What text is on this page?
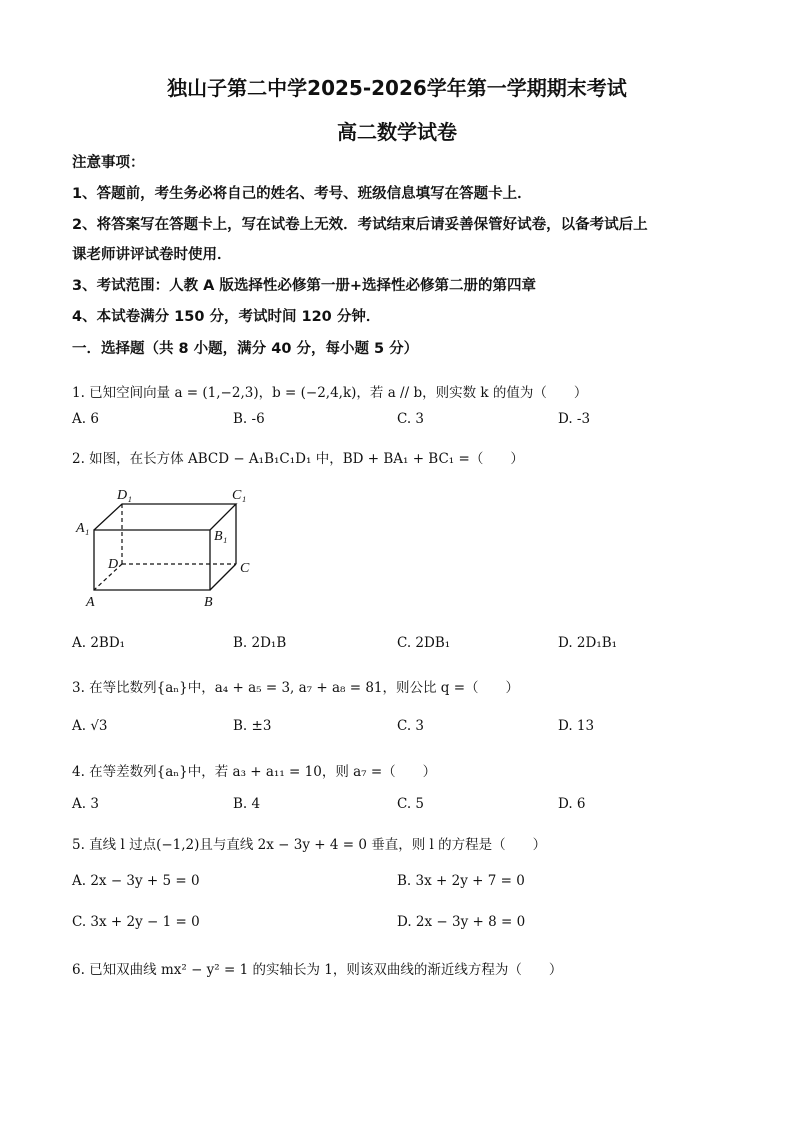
独山子第二中学2025-2026学年第一学期期末考试
高二数学试卷
注意事项：
1、答题前，考生务必将自己的姓名、考号、班级信息填写在答题卡上．
2、将答案写在答题卡上，写在试卷上无效．考试结束后请妥善保管好试卷，以备考试后上
课老师讲评试卷时使用．
3、考试范围：人教 A 版选择性必修第一册+选择性必修第二册的第四章
4、本试卷满分 150 分，考试时间 120 分钟．
一．选择题（共 8 小题，满分 40 分，每小题 5 分）
1. 已知空间向量 a = (1,−2,3)，b = (−2,4,k)，若 a // b，则实数 k 的值为（　　）
A. 6	B. -6	C. 3	D. -3
2. 如图，在长方体 ABCD − A₁B₁C₁D₁ 中，BD + BA₁ + BC₁ =（　　）
D₁	C₁
A₁
B₁
D	C
A	B
A. 2BD₁	B. 2D₁B	C. 2DB₁	D. 2D₁B₁
3. 在等比数列{aₙ}中，a₄ + a₅ = 3, a₇ + a₈ = 81，则公比 q =（　　）
A. √3	B. ±3	C. 3	D. 13
4. 在等差数列{aₙ}中，若 a₃ + a₁₁ = 10，则 a₇ =（　　）
A. 3	B. 4	C. 5	D. 6
5. 直线 l 过点(−1,2)且与直线 2x − 3y + 4 = 0 垂直，则 l 的方程是（　　）
A. 2x − 3y + 5 = 0	B. 3x + 2y + 7 = 0
C. 3x + 2y − 1 = 0	D. 2x − 3y + 8 = 0
6. 已知双曲线 mx² − y² = 1 的实轴长为 1，则该双曲线的渐近线方程为（　　）
